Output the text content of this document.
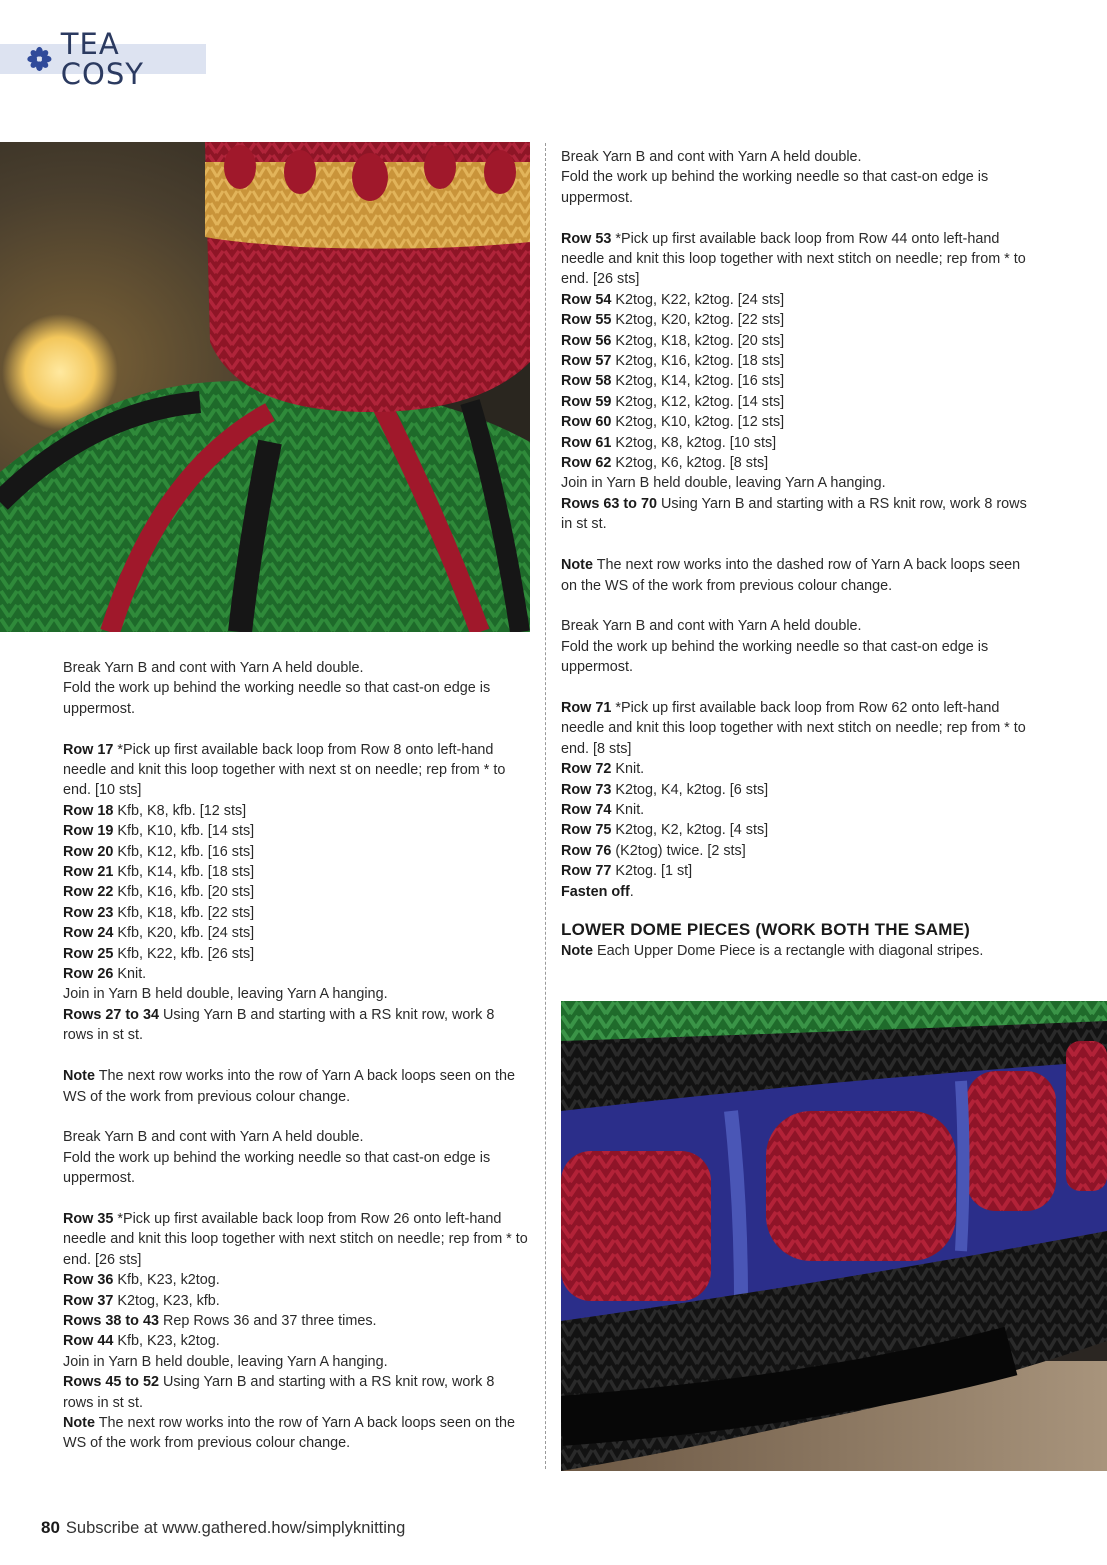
TEA COSY

Break Yarn B and cont with Yarn A held double.

Fold the work up behind the working needle so that cast-on edge is uppermost.

Row 17 *Pick up first available back loop from Row 8 onto left-hand needle and knit this loop together with next st on needle; rep from * to end. [10 sts]

Row 18 Kfb, K8, kfb. [12 sts]

Row 19 Kfb, K10, kfb. [14 sts]

Row 20 Kfb, K12, kfb. [16 sts]

Row 21 Kfb, K14, kfb. [18 sts]

Row 22 Kfb, K16, kfb. [20 sts]

Row 23 Kfb, K18, kfb. [22 sts]

Row 24 Kfb, K20, kfb. [24 sts]

Row 25 Kfb, K22, kfb. [26 sts]

Row 26 Knit.

Join in Yarn B held double, leaving Yarn A hanging.

Rows 27 to 34 Using Yarn B and starting with a RS knit row, work 8 rows in st st.

Note The next row works into the row of Yarn A back loops seen on the WS of the work from previous colour change.

Break Yarn B and cont with Yarn A held double.

Fold the work up behind the working needle so that cast-on edge is uppermost.

Row 35 *Pick up first available back loop from Row 26 onto left-hand needle and knit this loop together with next stitch on needle; rep from * to end. [26 sts]

Row 36 Kfb, K23, k2tog.

Row 37 K2tog, K23, kfb.

Rows 38 to 43 Rep Rows 36 and 37 three times.

Row 44 Kfb, K23, k2tog.

Join in Yarn B held double, leaving Yarn A hanging.

Rows 45 to 52 Using Yarn B and starting with a RS knit row, work 8 rows in st st.

Note The next row works into the row of Yarn A back loops seen on the WS of the work from previous colour change.

Break Yarn B and cont with Yarn A held double.

Fold the work up behind the working needle so that cast-on edge is uppermost.

Row 53 *Pick up first available back loop from Row 44 onto left-hand needle and knit this loop together with next stitch on needle; rep from * to end. [26 sts]

Row 54 K2tog, K22, k2tog. [24 sts]

Row 55 K2tog, K20, k2tog. [22 sts]

Row 56 K2tog, K18, k2tog. [20 sts]

Row 57 K2tog, K16, k2tog. [18 sts]

Row 58 K2tog, K14, k2tog. [16 sts]

Row 59 K2tog, K12, k2tog. [14 sts]

Row 60 K2tog, K10, k2tog. [12 sts]

Row 61 K2tog, K8, k2tog. [10 sts]

Row 62 K2tog, K6, k2tog. [8 sts]

Join in Yarn B held double, leaving Yarn A hanging.

Rows 63 to 70 Using Yarn B and starting with a RS knit row, work 8 rows in st st.

Note The next row works into the dashed row of Yarn A back loops seen on the WS of the work from previous colour change.

Break Yarn B and cont with Yarn A held double.

Fold the work up behind the working needle so that cast-on edge is uppermost.

Row 71 *Pick up first available back loop from Row 62 onto left-hand needle and knit this loop together with next stitch on needle; rep from * to end. [8 sts]

Row 72 Knit.

Row 73 K2tog, K4, k2tog. [6 sts]

Row 74 Knit.

Row 75 K2tog, K2, k2tog. [4 sts]

Row 76 (K2tog) twice. [2 sts]

Row 77 K2tog. [1 st]

Fasten off.

LOWER DOME PIECES (WORK BOTH THE SAME)

Note Each Upper Dome Piece is a rectangle with diagonal stripes.

80 Subscribe at www.gathered.how/simplyknitting
